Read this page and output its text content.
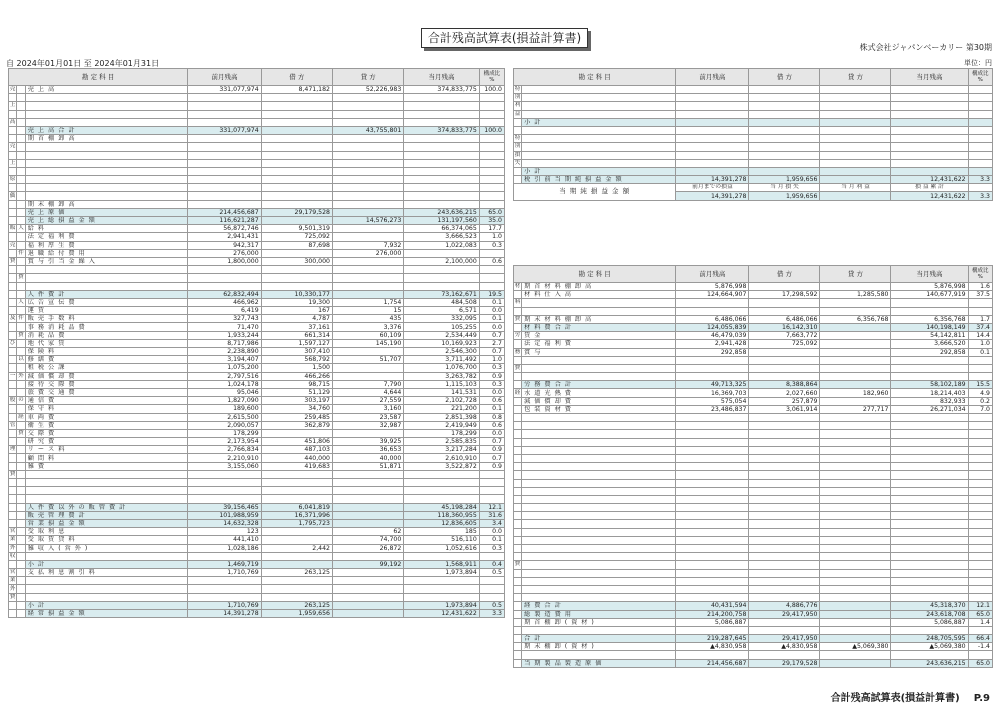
合計残高試算表(損益計算書)
株式会社ジャパンベーカリー 第30期
自 2024年01月01日 至 2024年01月31日	単位：円
勘 定 科 目			前月残高	借 方	貸 方	当月残高	構成比
%

売		売 上 高	331,077,974	8,471,182	52,226,983	374,833,775	100.0

上							

高							
		売 上 高 合 計	331,077,974		43,755,801	374,833,775	100.0
		期 首 棚 卸 高					
売							

上							

原							

価							
		期 末 棚 卸 高					
		売 上 原 価	214,456,687	29,179,528		243,636,215	65.0
		売 上 総 損 益 金 額	116,621,287		14,576,273	131,197,560	35.0
販	人	給 料	56,872,746	9,501,319		66,374,065	17.7
		法 定 福 利 費	2,941,431	725,092		3,666,523	1.0
売		福 利 厚 生 費	942,317	87,698	7,932	1,022,083	0.3
	件	退 職 給 付 費 用	276,000		276,000		
費		賞 与 引 当 金 繰 入	1,800,000	300,000		2,100,000	0.6

	費						

		人 件 費 計	62,832,494	10,330,177		73,162,671	19.5
	人	広 告 宣 伝 費	466,962	19,300	1,754	484,508	0.1
		運 賃	6,419	167	15	6,571	0.0
及	件	販 売 手 数 料	327,743	4,787	435	332,095	0.1
		事 務 消 耗 品 費	71,470	37,161	3,376	105,255	0.0
	費	消 耗 品 費	1,933,244	661,314	60,109	2,534,449	0.7
び		地 代 家 賃	8,717,986	1,597,127	145,190	10,169,923	2.7
		保 険 料	2,238,890	307,410		2,546,300	0.7
	以	修 繕 費	3,194,407	568,792	51,707	3,711,492	1.0
		租 税 公 課	1,075,200	1,500		1,076,700	0.3
一	外	減 価 償 却 費	2,797,516	466,266		3,263,782	0.9
		接 待 交 際 費	1,024,178	98,715	7,790	1,115,103	0.3
		旅 費 交 通 費	95,046	51,129	4,644	141,531	0.0
般	の	通 信 費	1,827,090	303,197	27,559	2,102,728	0.6
		保 守 料	189,600	34,760	3,160	221,200	0.1
	経	車 両 費	2,615,500	259,485	23,587	2,851,398	0.8
管		衛 生 費	2,090,057	362,879	32,987	2,419,949	0.6
	費	交 際 費	178,299			178,299	0.0
		研 究 費	2,173,954	451,806	39,925	2,585,835	0.7
理		リ ー ス 料	2,766,834	487,103	36,653	3,217,284	0.9
		顧 問 料	2,210,910	440,000	40,000	2,610,910	0.7
		雑 費	3,155,060	419,683	51,871	3,522,872	0.9
費							

		人 件 費 以 外 の 販 管 費 計	39,156,465	6,041,819		45,198,284	12.1
		販 売 管 理 費 計	101,988,959	16,371,996		118,360,955	31.6
		営 業 損 益 金 額	14,632,328	1,795,723		12,836,605	3.4
営		受 取 利 息	123		62	185	0.0
業		受 取 賃 貸 料	441,410		74,700	516,110	0.1
外		雑 収 入 ( 営 外 )	1,028,186	2,442	26,872	1,052,616	0.3
収							
		小 計	1,469,719		99,192	1,568,911	0.4
営		支 払 利 息 割 引 料	1,710,769	263,125		1,973,894	0.5
業							
外							
費							
		小 計	1,710,769	263,125		1,973,894	0.5
		経 常 損 益 金 額	14,391,278	1,959,656		12,431,622	3.3
勘 定 科 目		前月残高	借 方	貸 方	当月残高	構成比
%

特						
別						
利						
益						
	小 計					

特						
別						
損						
失						
	小 計					
	税 引 前 当 期 純 損 益 金 額	14,391,278	1,959,656		12,431,622	3.3
当 期 純 損 益 金 額		前月までの損益	当 月 損 失	当 月 利 益	損 益 累 計	
		14,391,278	1,959,656		12,431,622	3.3
勘 定 科 目		前月残高	借 方	貸 方	当月残高	構成比
%

材	期 首 材 料 棚 卸 高	5,876,998			5,876,998	1.6
	材 料 仕 入 高	124,664,907	17,298,592	1,285,580	140,677,919	37.5
料						

費	期 末 材 料 棚 卸 高	6,486,066	6,486,066	6,356,768	6,356,768	1.7
	材 料 費 合 計	124,055,839	16,142,310		140,198,149	37.4
労	賃 金	46,479,039	7,663,772		54,142,811	14.4
	法 定 福 利 費	2,941,428	725,092		3,666,520	1.0
務	賞 与	292,858			292,858	0.1

費						

	労 務 費 合 計	49,713,325	8,388,864		58,102,189	15.5
経	水 道 光 熱 費	16,369,703	2,027,660	182,960	18,214,403	4.9
	減 価 償 却 費	575,054	257,879		832,933	0.2
	包 装 資 材 費	23,486,837	3,061,914	277,717	26,271,034	7.0

費						

	経 費 合 計	40,431,594	4,886,776		45,318,370	12.1
	総 製 造 費 用	214,200,758	29,417,950		243,618,708	65.0
	期 首 棚 卸 ( 資 材 )	5,086,887			5,086,887	1.4

	合 計	219,287,645	29,417,950		248,705,595	66.4
	期 末 棚 卸 ( 資 材 )	▲4,830,958	▲4,830,958	▲5,069,380	▲5,069,380	-1.4

	当 期 製 品 製 造 原 価	214,456,687	29,179,528		243,636,215	65.0
合計残高試算表(損益計算書) P.9
